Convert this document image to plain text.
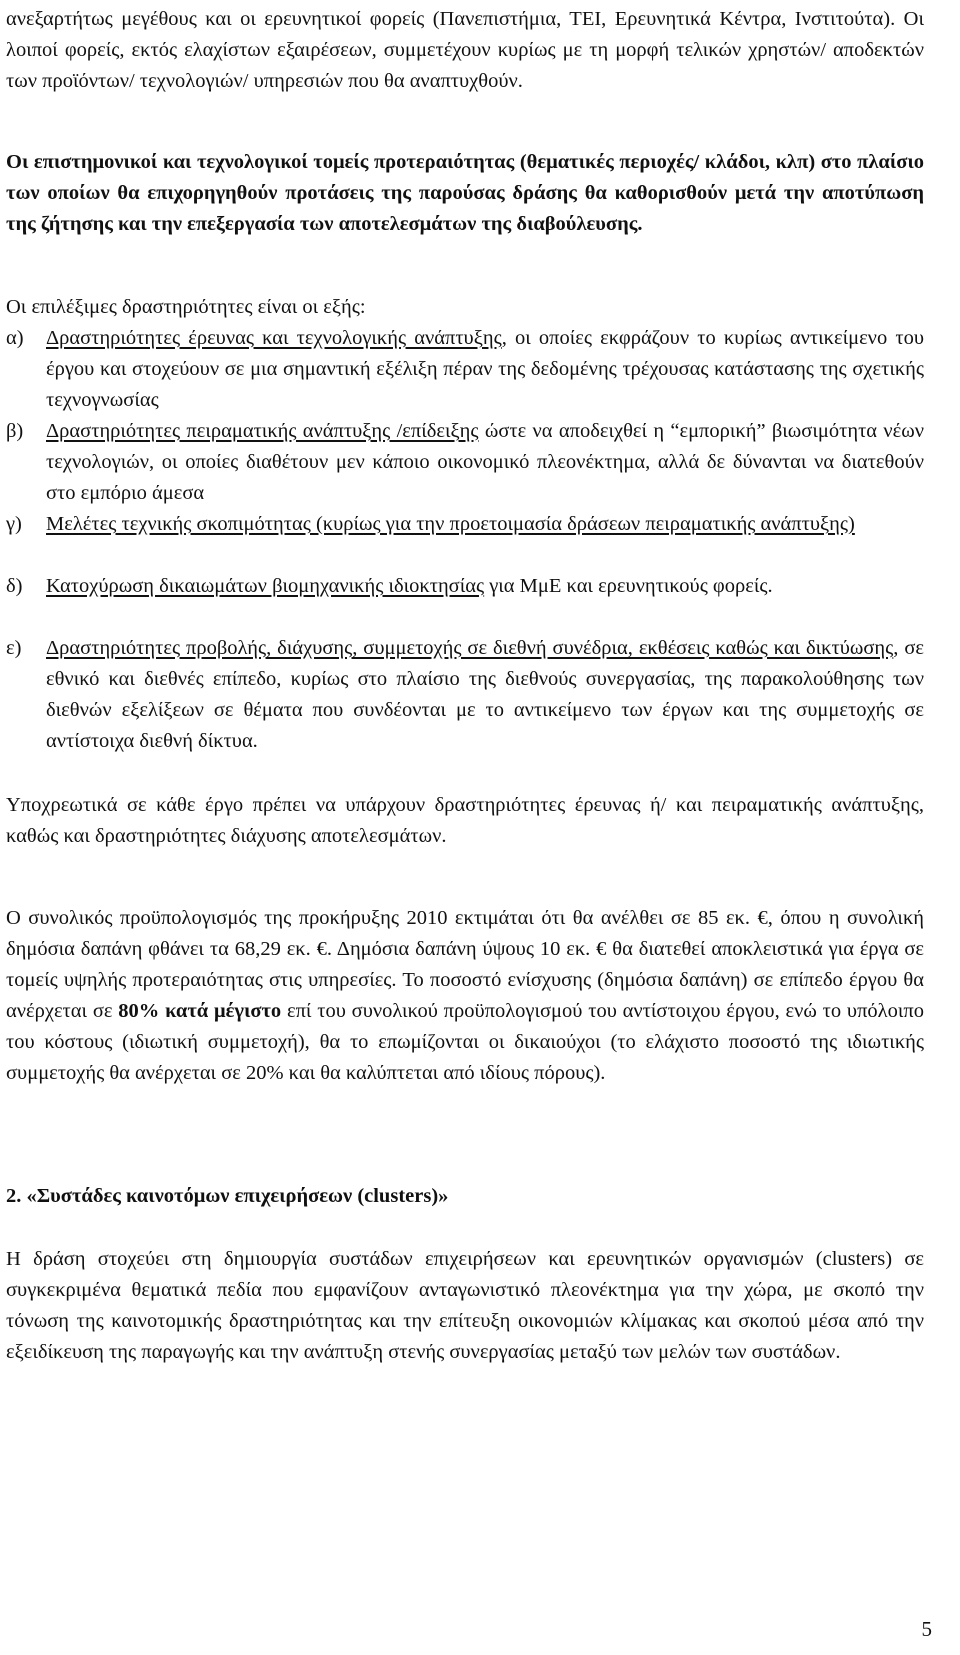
ανεξαρτήτως μεγέθους και οι ερευνητικοί φορείς (Πανεπιστήμια, ΤΕΙ, Ερευνητικά Κέντρα, Ινστιτούτα). Οι λοιποί φορείς, εκτός ελαχίστων εξαιρέσεων, συμμετέχουν κυρίως με τη μορφή τελικών χρηστών/ αποδεκτών των προϊόντων/ τεχνολογιών/ υπηρεσιών που θα αναπτυχθούν.

Οι επιστημονικοί και τεχνολογικοί τομείς προτεραιότητας (θεματικές περιοχές/ κλάδοι, κλπ) στο πλαίσιο των οποίων θα επιχορηγηθούν προτάσεις της παρούσας δράσης θα καθορισθούν μετά την αποτύπωση της ζήτησης και την επεξεργασία των αποτελεσμάτων της διαβούλευσης.

Οι επιλέξιμες δραστηριότητες είναι οι εξής:

α)	Δραστηριότητες έρευνας και τεχνολογικής ανάπτυξης, οι οποίες εκφράζουν το κυρίως αντικείμενο του έργου και στοχεύουν σε μια σημαντική εξέλιξη πέραν της δεδομένης τρέχουσας κατάστασης της σχετικής τεχνογνωσίας
β)	Δραστηριότητες πειραματικής ανάπτυξης /επίδειξης ώστε να αποδειχθεί η “εμπορική” βιωσιμότητα νέων τεχνολογιών, οι οποίες διαθέτουν μεν κάποιο οικονομικό πλεονέκτημα, αλλά δε δύνανται να διατεθούν στο εμπόριο άμεσα
γ)	Μελέτες τεχνικής σκοπιμότητας (κυρίως για την προετοιμασία δράσεων πειραματικής ανάπτυξης)
δ)	Κατοχύρωση δικαιωμάτων βιομηχανικής ιδιοκτησίας για ΜμΕ και ερευνητικούς φορείς.
ε)	Δραστηριότητες προβολής, διάχυσης, συμμετοχής σε διεθνή συνέδρια, εκθέσεις καθώς και δικτύωσης, σε εθνικό και διεθνές επίπεδο, κυρίως στο πλαίσιο της διεθνούς συνεργασίας, της παρακολούθησης των διεθνών εξελίξεων σε θέματα που συνδέονται με το αντικείμενο των έργων και της συμμετοχής σε αντίστοιχα διεθνή δίκτυα.

Υποχρεωτικά σε κάθε έργο πρέπει να υπάρχουν δραστηριότητες έρευνας ή/ και πειραματικής ανάπτυξης, καθώς και δραστηριότητες διάχυσης αποτελεσμάτων.

Ο συνολικός προϋπολογισμός της προκήρυξης 2010 εκτιμάται ότι θα ανέλθει σε 85 εκ. €, όπου η συνολική δημόσια δαπάνη φθάνει τα 68,29 εκ. €. Δημόσια δαπάνη ύψους 10 εκ. € θα διατεθεί αποκλειστικά για έργα σε τομείς υψηλής προτεραιότητας στις υπηρεσίες. Το ποσοστό ενίσχυσης (δημόσια δαπάνη) σε επίπεδο έργου θα ανέρχεται σε 80% κατά μέγιστο επί του συνολικού προϋπολογισμού του αντίστοιχου έργου, ενώ το υπόλοιπο του κόστους (ιδιωτική συμμετοχή), θα το επωμίζονται οι δικαιούχοι (το ελάχιστο ποσοστό της ιδιωτικής συμμετοχής θα ανέρχεται σε 20% και θα καλύπτεται από ιδίους πόρους).

2. «Συστάδες καινοτόμων επιχειρήσεων (clusters)»

Η δράση στοχεύει στη δημιουργία συστάδων επιχειρήσεων και ερευνητικών οργανισμών (clusters) σε συγκεκριμένα θεματικά πεδία που εμφανίζουν ανταγωνιστικό πλεονέκτημα για την χώρα, με σκοπό την τόνωση της καινοτομικής δραστηριότητας και την επίτευξη οικονομιών κλίμακας και σκοπού μέσα από την εξειδίκευση της παραγωγής και την ανάπτυξη στενής συνεργασίας μεταξύ των μελών των συστάδων.

5
